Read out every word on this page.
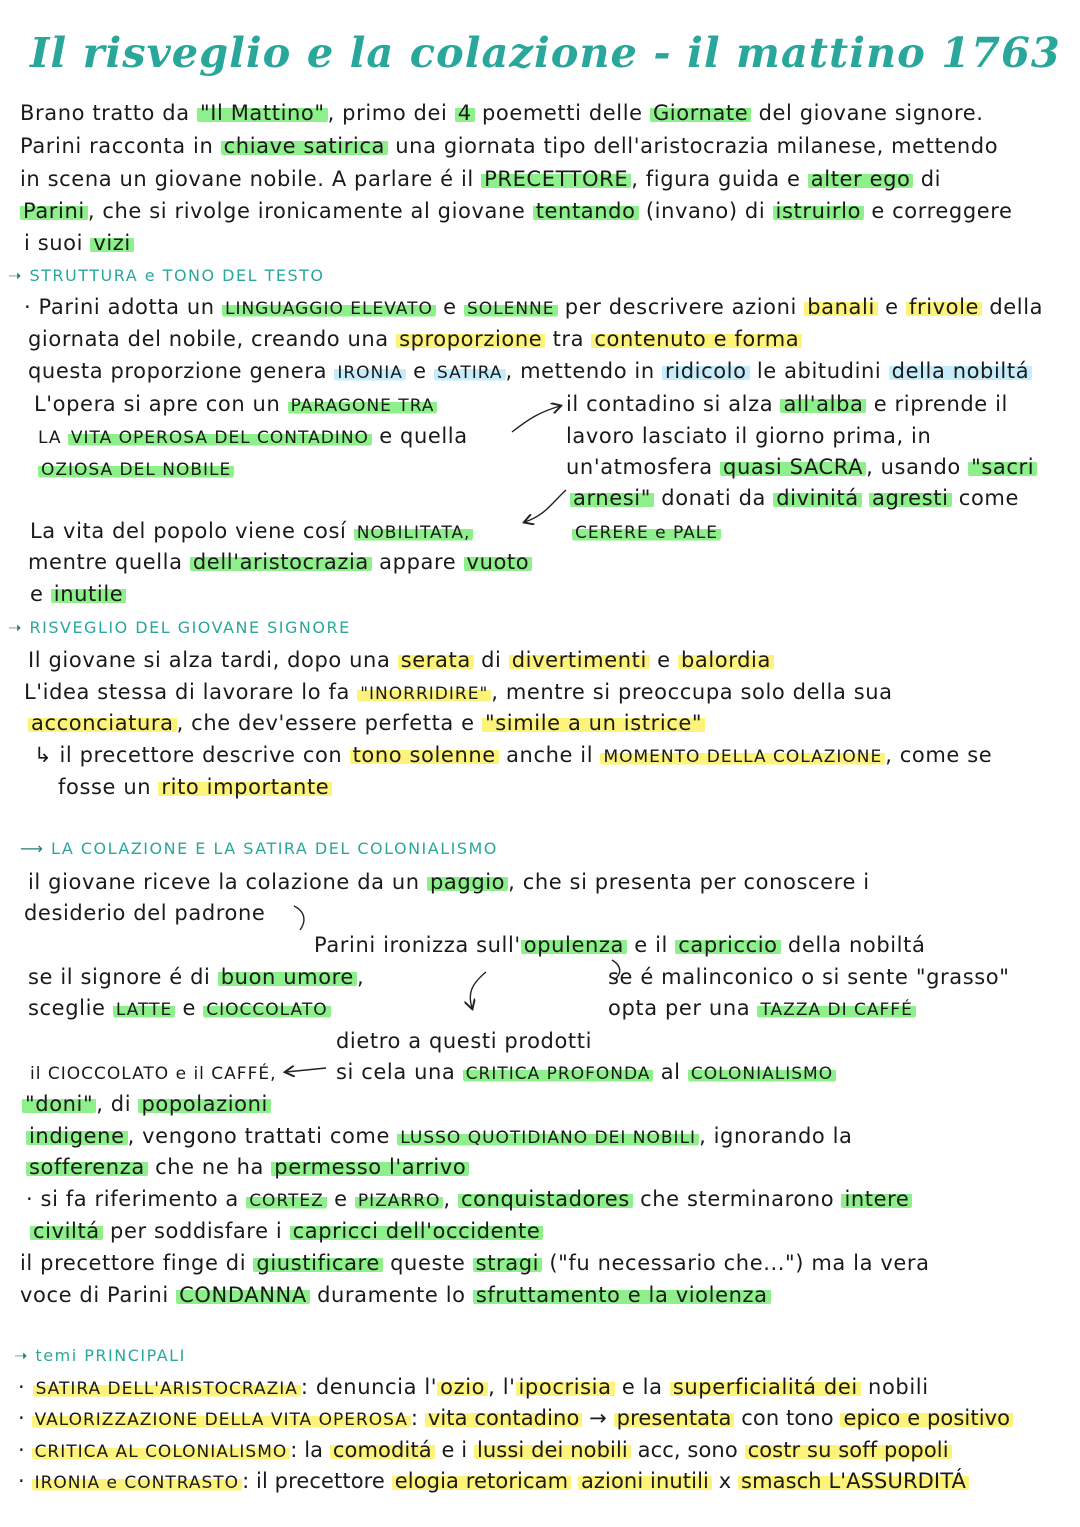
Il risveglio e la colazione - il mattino 1763
Brano tratto da "Il Mattino" , primo dei 4 poemetti delle Giornate del giovane signore.
Parini racconta in chiave satirica una giornata tipo dell'aristocrazia milanese, mettendo
in scena un giovane nobile. A parlare é il PRECETTORE , figura guida e alter ego di
Parini , che si rivolge ironicamente al giovane tentando (invano) di istruirlo e correggere
i suoi vizi
➝ STRUTTURA e TONO DEL TESTO
· Parini adotta un LINGUAGGIO ELEVATO e SOLENNE per descrivere azioni banali e frivole della
giornata del nobile, creando una sproporzione tra contenuto e forma
questa proporzione genera IRONIA e SATIRA , mettendo in ridicolo le abitudini della nobiltá
L'opera si apre con un PARAGONE TRA
LA VITA OPEROSA DEL CONTADINO e quella
OZIOSA DEL NOBILE
il contadino si alza all'alba e riprende il
lavoro lasciato il giorno prima, in
un'atmosfera quasi SACRA , usando "sacri
arnesi" donati da divinitá agresti come
CERERE e PALE
La vita del popolo viene cosí NOBILITATA,
mentre quella dell'aristocrazia appare vuoto
e inutile
➝ RISVEGLIO DEL GIOVANE SIGNORE
Il giovane si alza tardi, dopo una serata di divertimenti e balordia
L'idea stessa di lavorare lo fa "INORRIDIRE" , mentre si preoccupa solo della sua
acconciatura , che dev'essere perfetta e "simile a un istrice"
↳ il precettore descrive con tono solenne anche il MOMENTO DELLA COLAZIONE , come se
fosse un rito importante
⟶ LA COLAZIONE E LA SATIRA DEL COLONIALISMO
il giovane riceve la colazione da un paggio , che si presenta per conoscere i
desiderio del padrone
Parini ironizza sull' opulenza e il capriccio della nobiltá
se il signore é di buon umore ,
sceglie LATTE e CIOCCOLATO
se é malinconico o si sente "grasso"
opta per una TAZZA DI CAFFÉ
dietro a questi prodotti
si cela una CRITICA PROFONDA al COLONIALISMO
il CIOCCOLATO e il CAFFÉ,
"doni" , di popolazioni
indigene , vengono trattati come LUSSO QUOTIDIANO DEI NOBILI , ignorando la
sofferenza che ne ha permesso l'arrivo
· si fa riferimento a CORTEZ e PIZARRO , conquistadores che sterminarono intere
civiltá per soddisfare i capricci dell'occidente
il precettore finge di giustificare queste stragi ("fu necessario che...") ma la vera
voce di Parini CONDANNA duramente lo sfruttamento e la violenza
➝ temi PRINCIPALI
· SATIRA DELL'ARISTOCRAZIA : denuncia l' ozio , l' ipocrisia e la superficialitá dei nobili
· VALORIZZAZIONE DELLA VITA OPEROSA : vita contadino → presentata con tono epico e positivo
· CRITICA AL COLONIALISMO : la comoditá e i lussi dei nobili acc, sono costr su soff popoli
· IRONIA e CONTRASTO : il precettore elogia retoricam azioni inutili x smasch L'ASSURDITÁ
